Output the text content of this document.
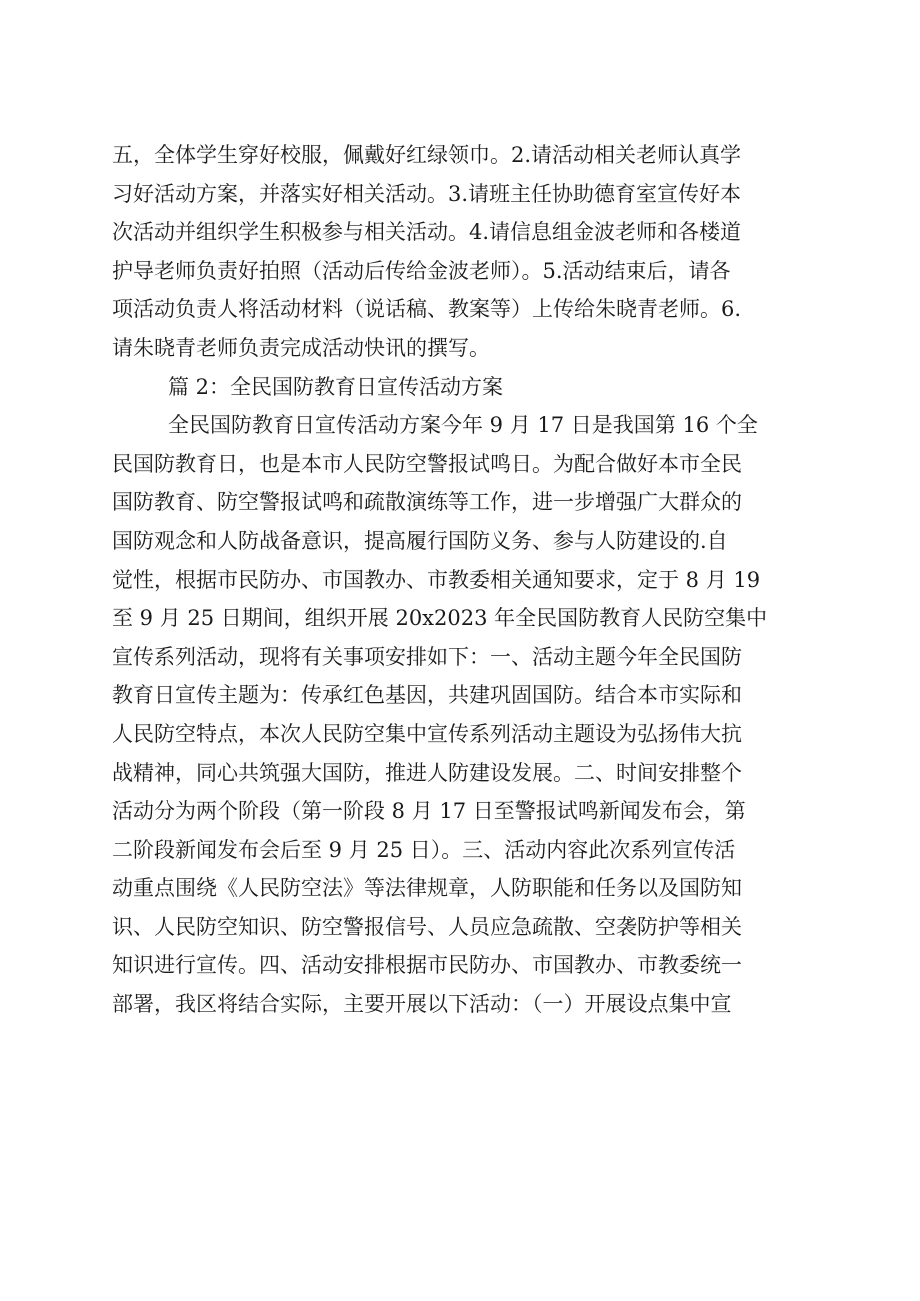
五，全体学生穿好校服，佩戴好红绿领巾。2.请活动相关老师认真学
习好活动方案，并落实好相关活动。3.请班主任协助德育室宣传好本
次活动并组织学生积极参与相关活动。4.请信息组金波老师和各楼道
护导老师负责好拍照（活动后传给金波老师）。5.活动结束后，请各
项活动负责人将活动材料（说话稿、教案等）上传给朱晓青老师。6.
请朱晓青老师负责完成活动快讯的撰写。
篇 2：全民国防教育日宣传活动方案
全民国防教育日宣传活动方案今年 9 月 17 日是我国第 16 个全
民国防教育日，也是本市人民防空警报试鸣日。为配合做好本市全民
国防教育、防空警报试鸣和疏散演练等工作，进一步增强广大群众的
国防观念和人防战备意识，提高履行国防义务、参与人防建设的.自
觉性，根据市民防办、市国教办、市教委相关通知要求，定于 8 月 19
至 9 月 25 日期间，组织开展 20x2023 年全民国防教育人民防空集中
宣传系列活动，现将有关事项安排如下：一、活动主题今年全民国防
教育日宣传主题为：传承红色基因，共建巩固国防。结合本市实际和
人民防空特点，本次人民防空集中宣传系列活动主题设为弘扬伟大抗
战精神，同心共筑强大国防，推进人防建设发展。二、时间安排整个
活动分为两个阶段（第一阶段 8 月 17 日至警报试鸣新闻发布会，第
二阶段新闻发布会后至 9 月 25 日）。三、活动内容此次系列宣传活
动重点围绕《人民防空法》等法律规章，人防职能和任务以及国防知
识、人民防空知识、防空警报信号、人员应急疏散、空袭防护等相关
知识进行宣传。四、活动安排根据市民防办、市国教办、市教委统一
部署，我区将结合实际，主要开展以下活动：（一）开展设点集中宣
